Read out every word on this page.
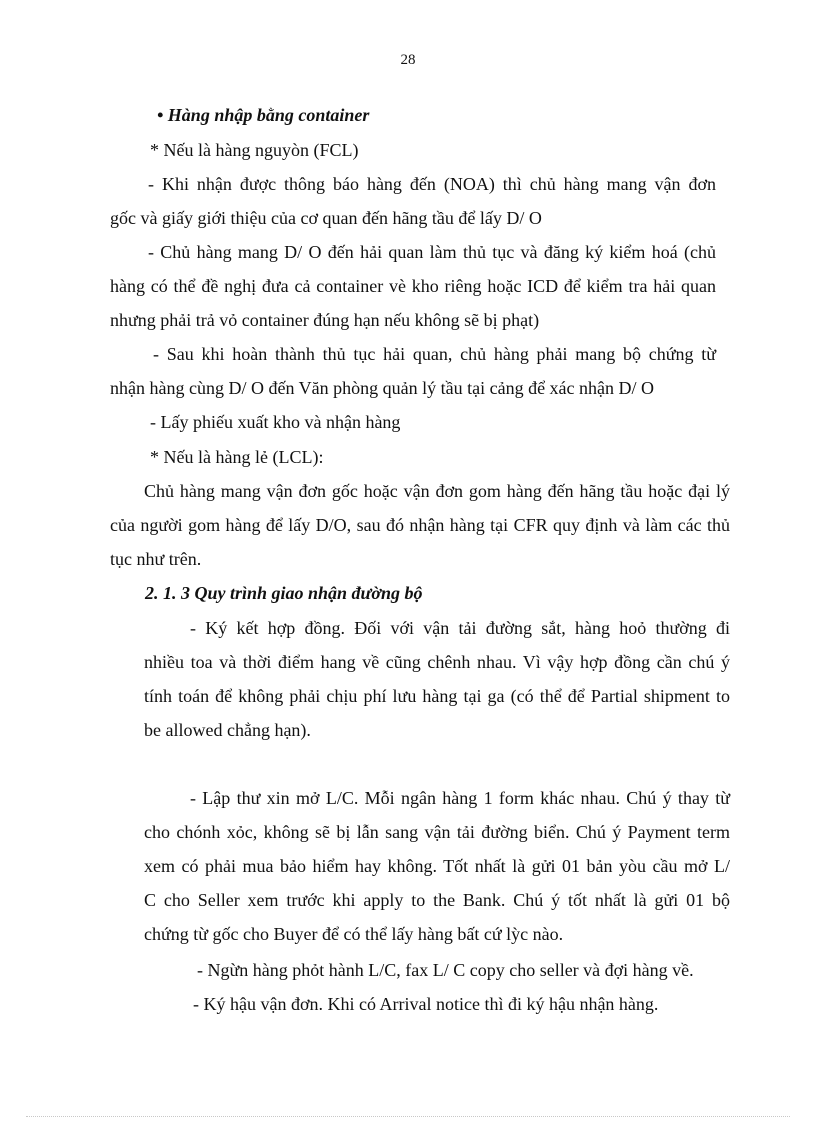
28
• Hàng nhập bằng container
* Nếu là hàng nguyòn (FCL)
- Khi nhận được thông báo hàng đến (NOA) thì chủ hàng mang vận đơn
gốc và giấy giới thiệu của cơ quan đến hãng tầu để lấy D/ O
- Chủ hàng mang D/ O đến hải quan làm thủ tục và đăng ký kiểm hoá (chủ
hàng có thể đề nghị đưa cả container vè kho riêng hoặc ICD để kiểm tra hải quan
nhưng phải trả vỏ container đúng hạn nếu không sẽ bị phạt)
- Sau khi hoàn thành thủ tục hải quan, chủ hàng phải mang bộ chứng từ
nhận hàng cùng D/ O đến Văn phòng quản lý tầu tại cảng để xác nhận D/ O
- Lấy phiếu xuất kho và nhận hàng
* Nếu là hàng lẻ (LCL):
Chủ hàng mang vận đơn gốc hoặc vận đơn gom hàng đến hãng tầu hoặc đại lý
của người gom hàng để lấy D/O, sau đó nhận hàng tại CFR quy định và làm các thủ
tục như trên.
2. 1. 3 Quy trình giao nhận đường bộ
- Ký kết hợp đồng. Đối với vận tải đường sắt, hàng hoỏ thường đi
nhiều toa và thời điểm hang về cũng chênh nhau. Vì vậy hợp đồng cần chú ý
tính toán để không phải chịu phí lưu hàng tại ga (có thể để Partial shipment to
be allowed chẳng hạn).
- Lập thư xin mở L/C. Mỗi ngân hàng 1 form khác nhau. Chú ý thay từ
cho chónh xỏc, không sẽ bị lẫn sang vận tải đường biển. Chú ý Payment term
xem có phải mua bảo hiểm hay không. Tốt nhất là gửi 01 bản yòu cầu mở L/
C cho Seller xem trước khi apply to the Bank. Chú ý tốt nhất là gửi 01 bộ
chứng từ gốc cho Buyer để có thể lấy hàng bất cứ lỳc nào.
- Ngừn hàng phỏt hành L/C, fax L/ C copy cho seller và đợi hàng về.
- Ký hậu vận đơn. Khi có Arrival notice thì đi ký hậu nhận hàng.
